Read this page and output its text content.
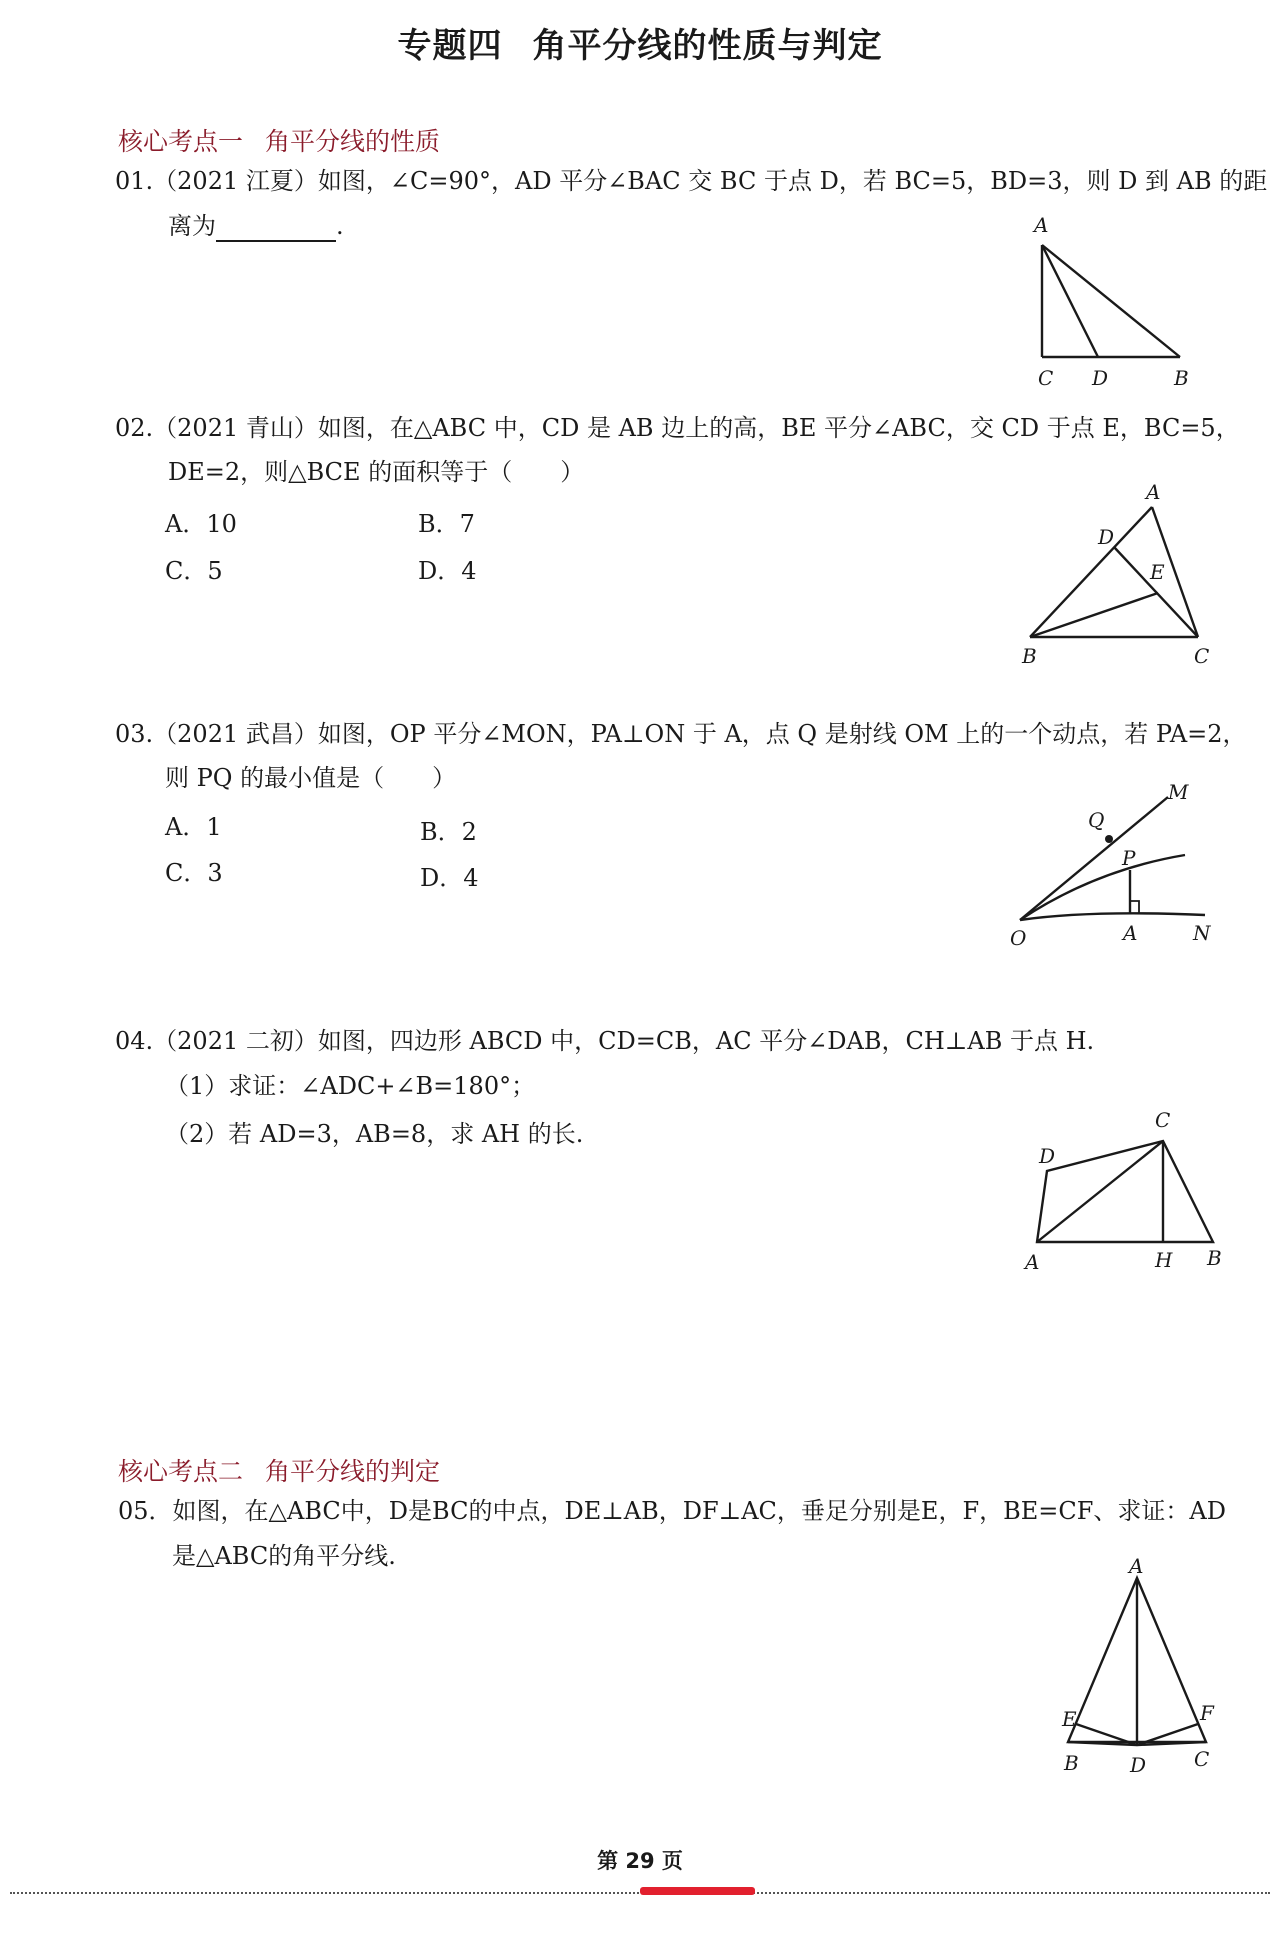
专题四 角平分线的性质与判定
核心考点一 角平分线的性质
01.（2021 江夏）如图，∠C=90°，AD 平分∠BAC 交 BC 于点 D，若 BC=5，BD=3，则 D 到 AB 的距
离为	.	A
C D	B
02.（2021 青山）如图，在△ABC 中，CD 是 AB 边上的高，BE 平分∠ABC，交 CD 于点 E，BC=5，
DE=2，则△BCE 的面积等于（　　）
A．10	B．7
C．5	D．4
A
D
E
B	C
03.（2021 武昌）如图，OP 平分∠MON，PA⊥ON 于 A，点 Q 是射线 OM 上的一个动点，若 PA=2，
则 PQ 的最小值是（　　）
A．1	B．2
C．3	D．4
M
Q
P
O	A	N
04.（2021 二初）如图，四边形 ABCD 中，CD=CB，AC 平分∠DAB，CH⊥AB 于点 H.
（1）求证：∠ADC+∠B=180°；
（2）若 AD=3，AB=8，求 AH 的长.	C
D
A	H B
核心考点二 角平分线的判定
05．如图，在△ABC中，D是BC的中点，DE⊥AB，DF⊥AC，垂足分别是E，F，BE=CF、求证：AD
是△ABC的角平分线.	A
E	F
B	D C
第 29 页
